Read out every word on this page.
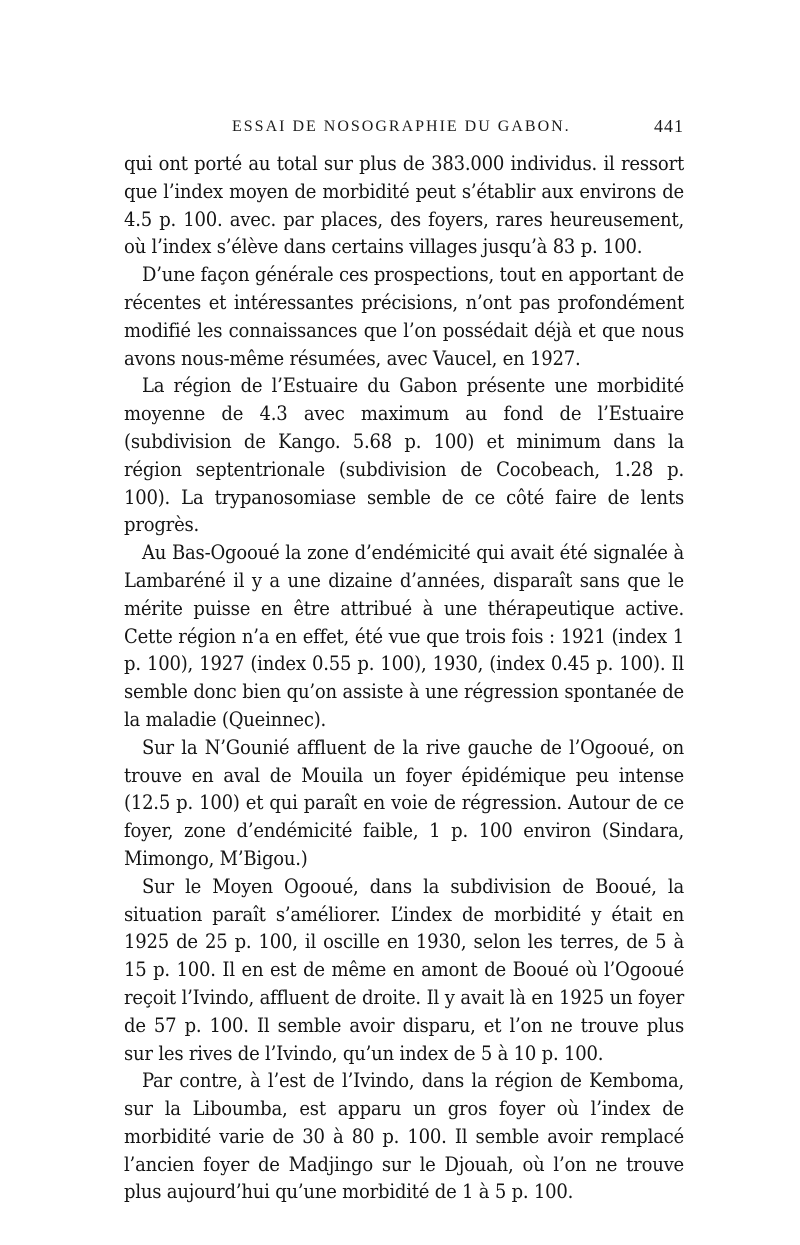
ESSAI DE NOSOGRAPHIE DU GABON.	441

qui ont porté au total sur plus de 383.000 individus. il ressort que l’index moyen de morbidité peut s’établir aux environs de 4.5 p. 100. avec. par places, des foyers, rares heureusement, où l’index s’élève dans certains villages jusqu’à 83 p. 100.

D’une façon générale ces prospections, tout en apportant de récentes et intéressantes précisions, n’ont pas profondément modifié les connaissances que l’on possédait déjà et que nous avons nous-même résumées, avec Vaucel, en 1927.

La région de l’Estuaire du Gabon présente une morbidité moyenne de 4.3 avec maximum au fond de l’Estuaire (subdivision de Kango. 5.68 p. 100) et minimum dans la région septentrionale (subdivision de Cocobeach, 1.28 p. 100). La trypanosomiase semble de ce côté faire de lents progrès.

Au Bas-Ogooué la zone d’endémicité qui avait été signalée à Lambaréné il y a une dizaine d’années, disparaît sans que le mérite puisse en être attribué à une thérapeutique active. Cette région n’a en effet, été vue que trois fois : 1921 (index 1 p. 100), 1927 (index 0.55 p. 100), 1930, (index 0.45 p. 100). Il semble donc bien qu’on assiste à une régression spontanée de la maladie (Queinnec).

Sur la N’Gounié affluent de la rive gauche de l’Ogooué, on trouve en aval de Mouila un foyer épidémique peu intense (12.5 p. 100) et qui paraît en voie de régression. Autour de ce foyer, zone d’endémicité faible, 1 p. 100 environ (Sindara, Mimongo, M’Bigou.)

Sur le Moyen Ogooué, dans la subdivision de Booué, la situation paraît s’améliorer. L’index de morbidité y était en 1925 de 25 p. 100, il oscille en 1930, selon les terres, de 5 à 15 p. 100. Il en est de même en amont de Booué où l’Ogooué reçoit l’Ivindo, affluent de droite. Il y avait là en 1925 un foyer de 57 p. 100. Il semble avoir disparu, et l’on ne trouve plus sur les rives de l’Ivindo, qu’un index de 5 à 10 p. 100.

Par contre, à l’est de l’Ivindo, dans la région de Kemboma, sur la Liboumba, est apparu un gros foyer où l’index de morbidité varie de 30 à 80 p. 100. Il semble avoir remplacé l’ancien foyer de Madjingo sur le Djouah, où l’on ne trouve plus aujourd’hui qu’une morbidité de 1 à 5 p. 100.
